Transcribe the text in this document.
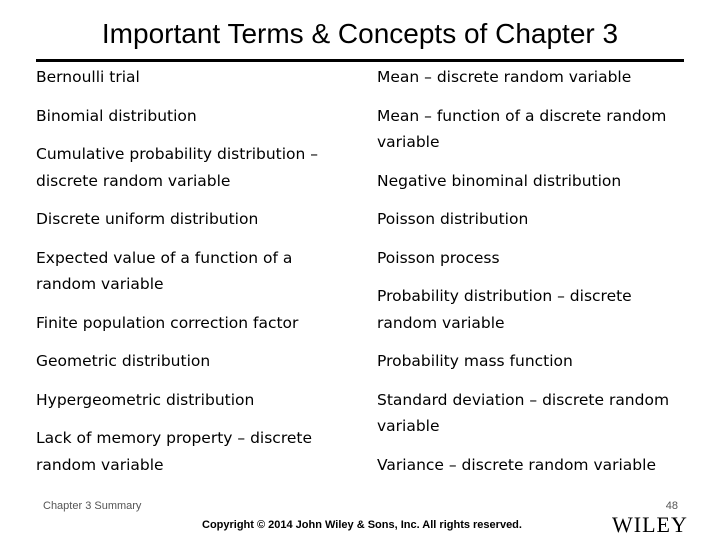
Important Terms & Concepts of Chapter 3
Bernoulli trial
Binomial distribution
Cumulative probability distribution – discrete random variable
Discrete uniform distribution
Expected value of a function of a random variable
Finite population correction factor
Geometric distribution
Hypergeometric distribution
Lack of memory property – discrete random variable
Mean – discrete random variable
Mean – function of a discrete random variable
Negative binominal distribution
Poisson distribution
Poisson process
Probability distribution – discrete random variable
Probability mass function
Standard deviation – discrete random variable
Variance – discrete random variable
Chapter 3 Summary	48
Copyright © 2014 John Wiley & Sons, Inc. All rights reserved.	WILEY
